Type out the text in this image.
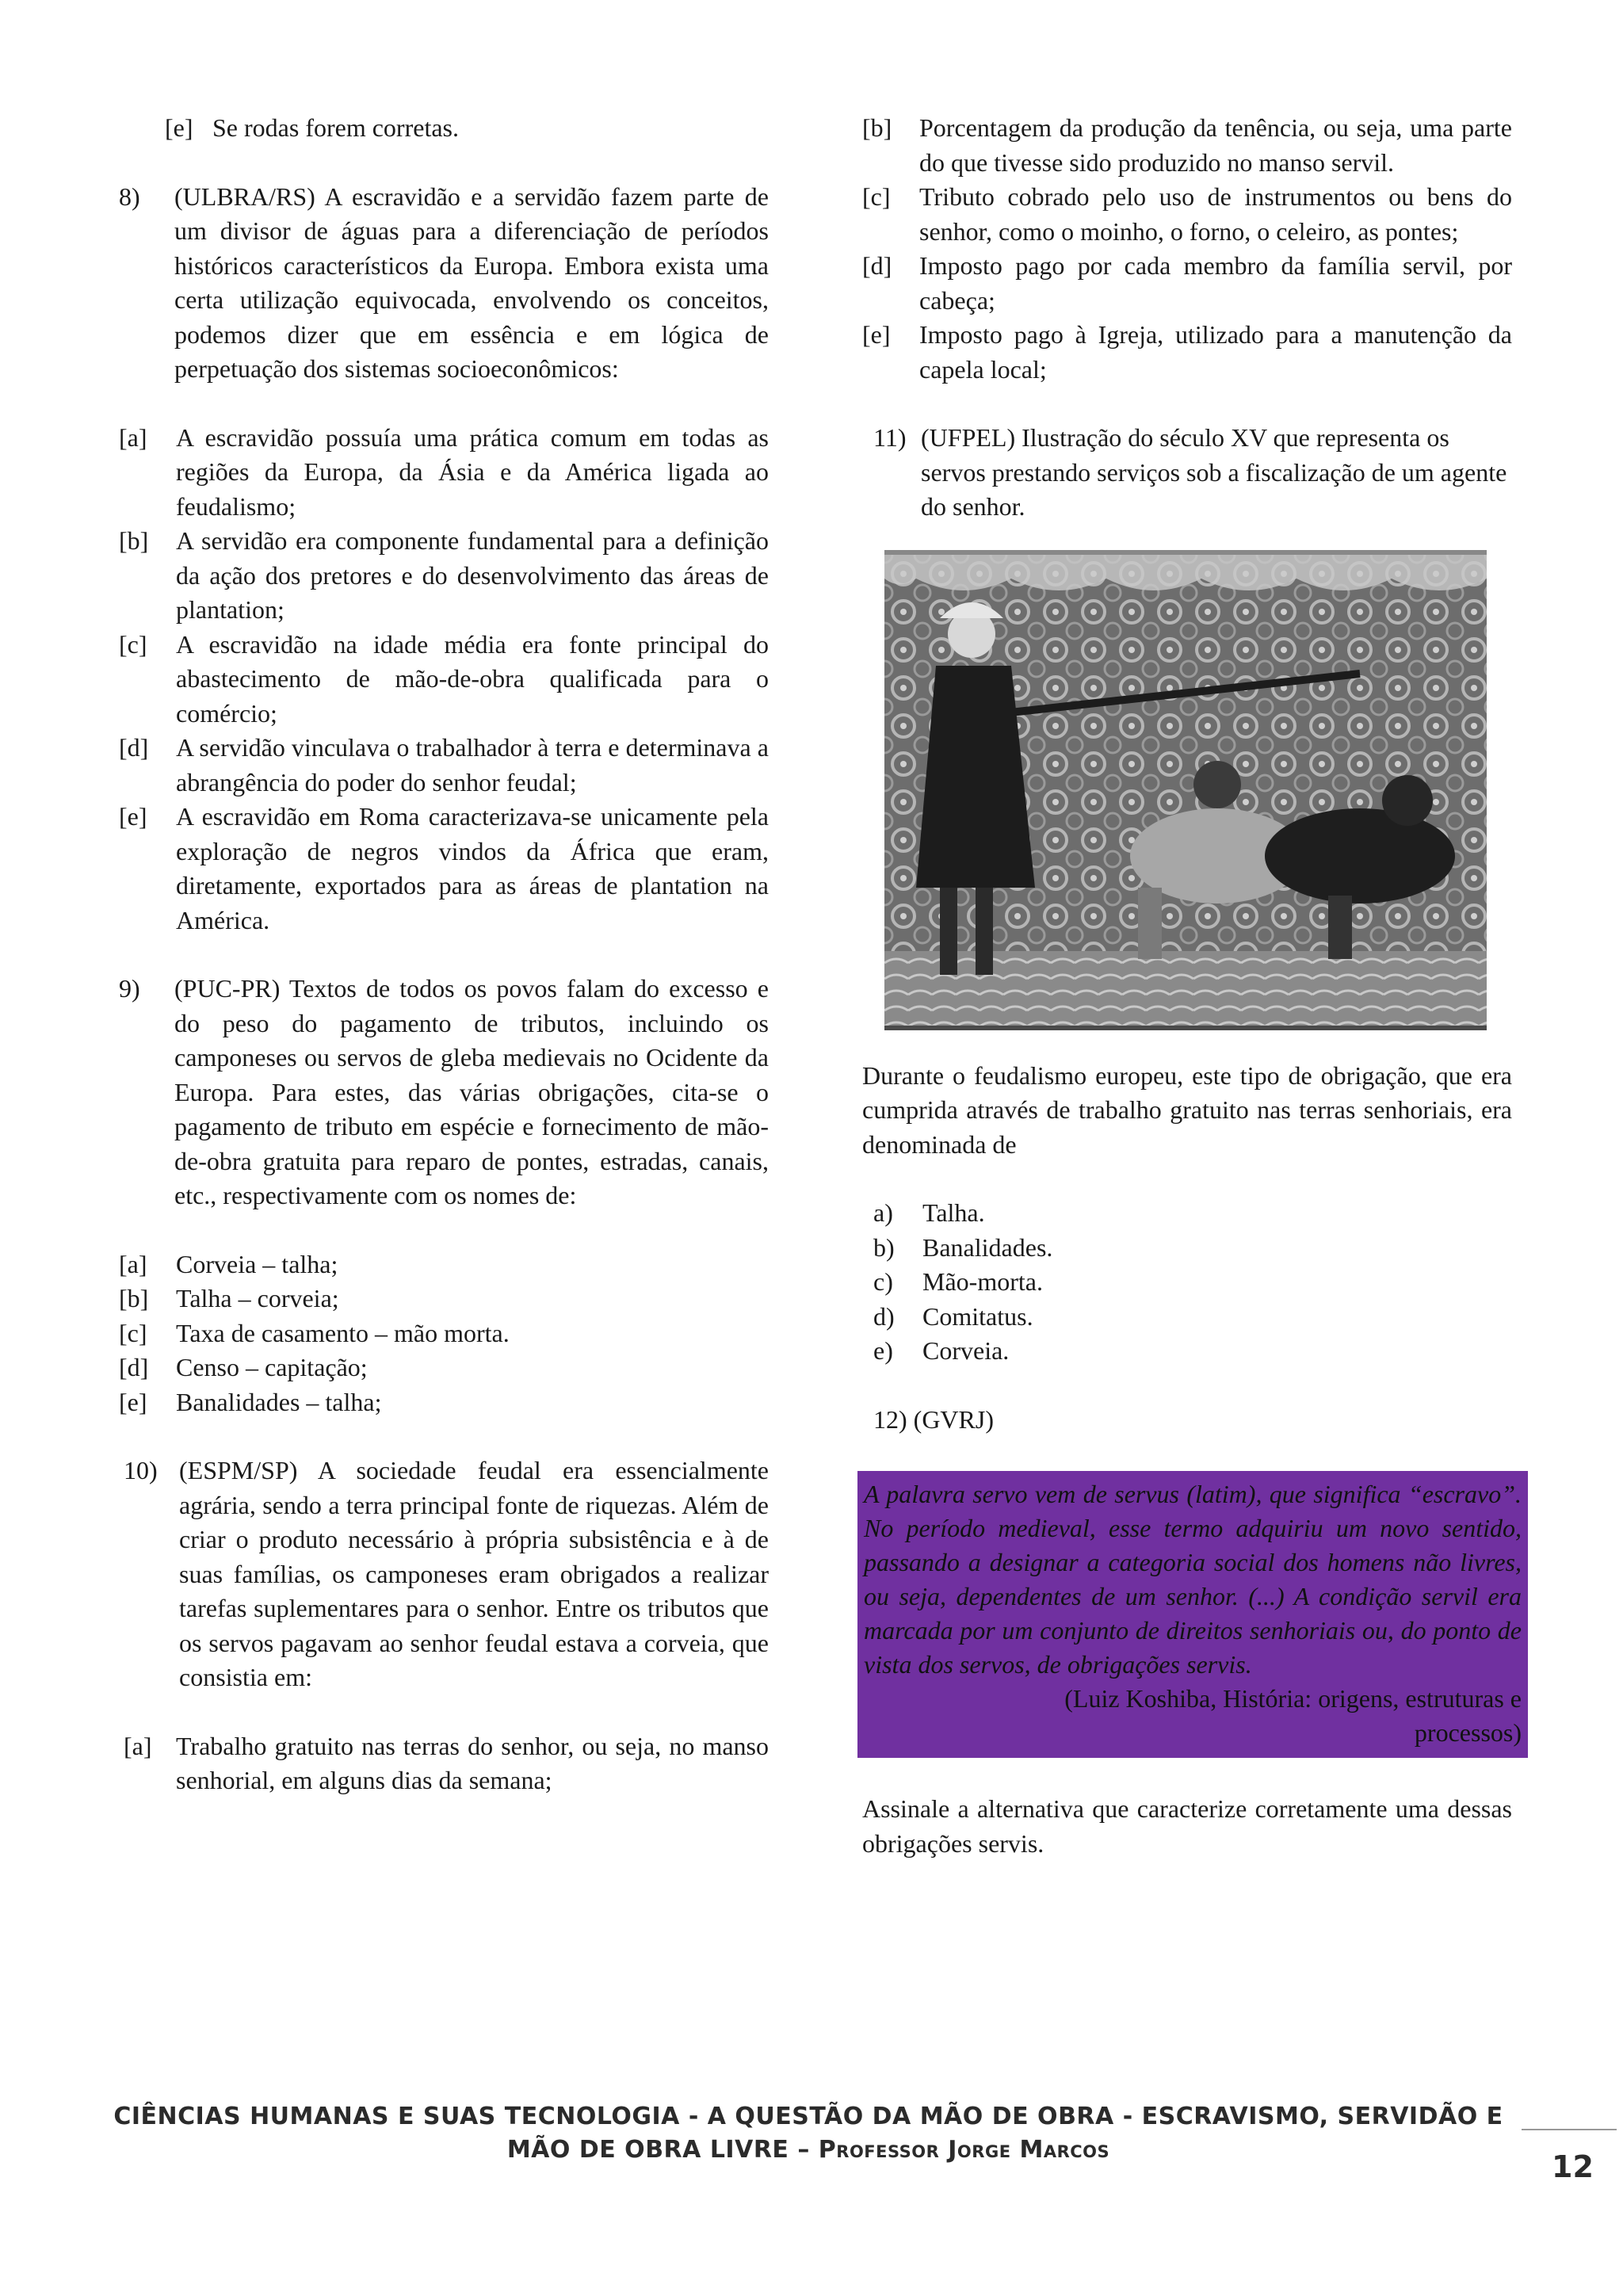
[e] Se rodas forem corretas.
8)	(ULBRA/RS) A escravidão e a servidão fazem parte de um divisor de águas para a diferenciação de períodos históricos característicos da Europa. Embora exista uma certa utilização equivocada, envolvendo os conceitos, podemos dizer que em essência e em lógica de perpetuação dos sistemas socioeconômicos:
[a]	A escravidão possuía uma prática comum em todas as regiões da Europa, da Ásia e da América ligada ao feudalismo;
[b]	A servidão era componente fundamental para a definição da ação dos pretores e do desenvolvimento das áreas de plantation;
[c]	A escravidão na idade média era fonte principal do abastecimento de mão-de-obra qualificada para o comércio;
[d]	A servidão vinculava o trabalhador à terra e determinava a abrangência do poder do senhor feudal;
[e]	A escravidão em Roma caracterizava-se unicamente pela exploração de negros vindos da África que eram, diretamente, exportados para as áreas de plantation na América.
9)	(PUC-PR) Textos de todos os povos falam do excesso e do peso do pagamento de tributos, incluindo os camponeses ou servos de gleba medievais no Ocidente da Europa. Para estes, das várias obrigações, cita-se o pagamento de tributo em espécie e fornecimento de mão-de-obra gratuita para reparo de pontes, estradas, canais, etc., respectivamente com os nomes de:
[a]	Corveia – talha;
[b]	Talha – corveia;
[c]	Taxa de casamento – mão morta.
[d]	Censo – capitação;
[e]	Banalidades – talha;
10) (ESPM/SP) A sociedade feudal era essencialmente agrária, sendo a terra principal fonte de riquezas. Além de criar o produto necessário à própria subsistência e à de suas famílias, os camponeses eram obrigados a realizar tarefas suplementares para o senhor. Entre os tributos que os servos pagavam ao senhor feudal estava a corveia, que consistia em:
[a] Trabalho gratuito nas terras do senhor, ou seja, no manso senhorial, em alguns dias da semana;
[b]	Porcentagem da produção da tenência, ou seja, uma parte do que tivesse sido produzido no manso servil.
[c]	Tributo cobrado pelo uso de instrumentos ou bens do senhor, como o moinho, o forno, o celeiro, as pontes;
[d]	Imposto pago por cada membro da família servil, por cabeça;
[e]	Imposto pago à Igreja, utilizado para a manutenção da capela local;
11) (UFPEL) Ilustração do século XV que representa os servos prestando serviços sob a fiscalização de um agente do senhor.
Durante o feudalismo europeu, este tipo de obrigação, que era cumprida através de trabalho gratuito nas terras senhoriais, era denominada de
a)	Talha.
b)	Banalidades.
c)	Mão-morta.
d)	Comitatus.
e)	Corveia.
12) (GVRJ)
A palavra servo vem de servus (latim), que significa “escravo”. No período medieval, esse termo adquiriu um novo sentido, passando a designar a categoria social dos homens não livres, ou seja, dependentes de um senhor. (...) A condição servil era marcada por um conjunto de direitos senhoriais ou, do ponto de vista dos servos, de obrigações servis.
(Luiz Koshiba, História: origens, estruturas e processos)
Assinale a alternativa que caracterize corretamente uma dessas obrigações servis.
CIÊNCIAS HUMANAS E SUAS TECNOLOGIA - A QUESTÃO DA MÃO DE OBRA - ESCRAVISMO, SERVIDÃO E
MÃO DE OBRA LIVRE – Professor Jorge Marcos	12
